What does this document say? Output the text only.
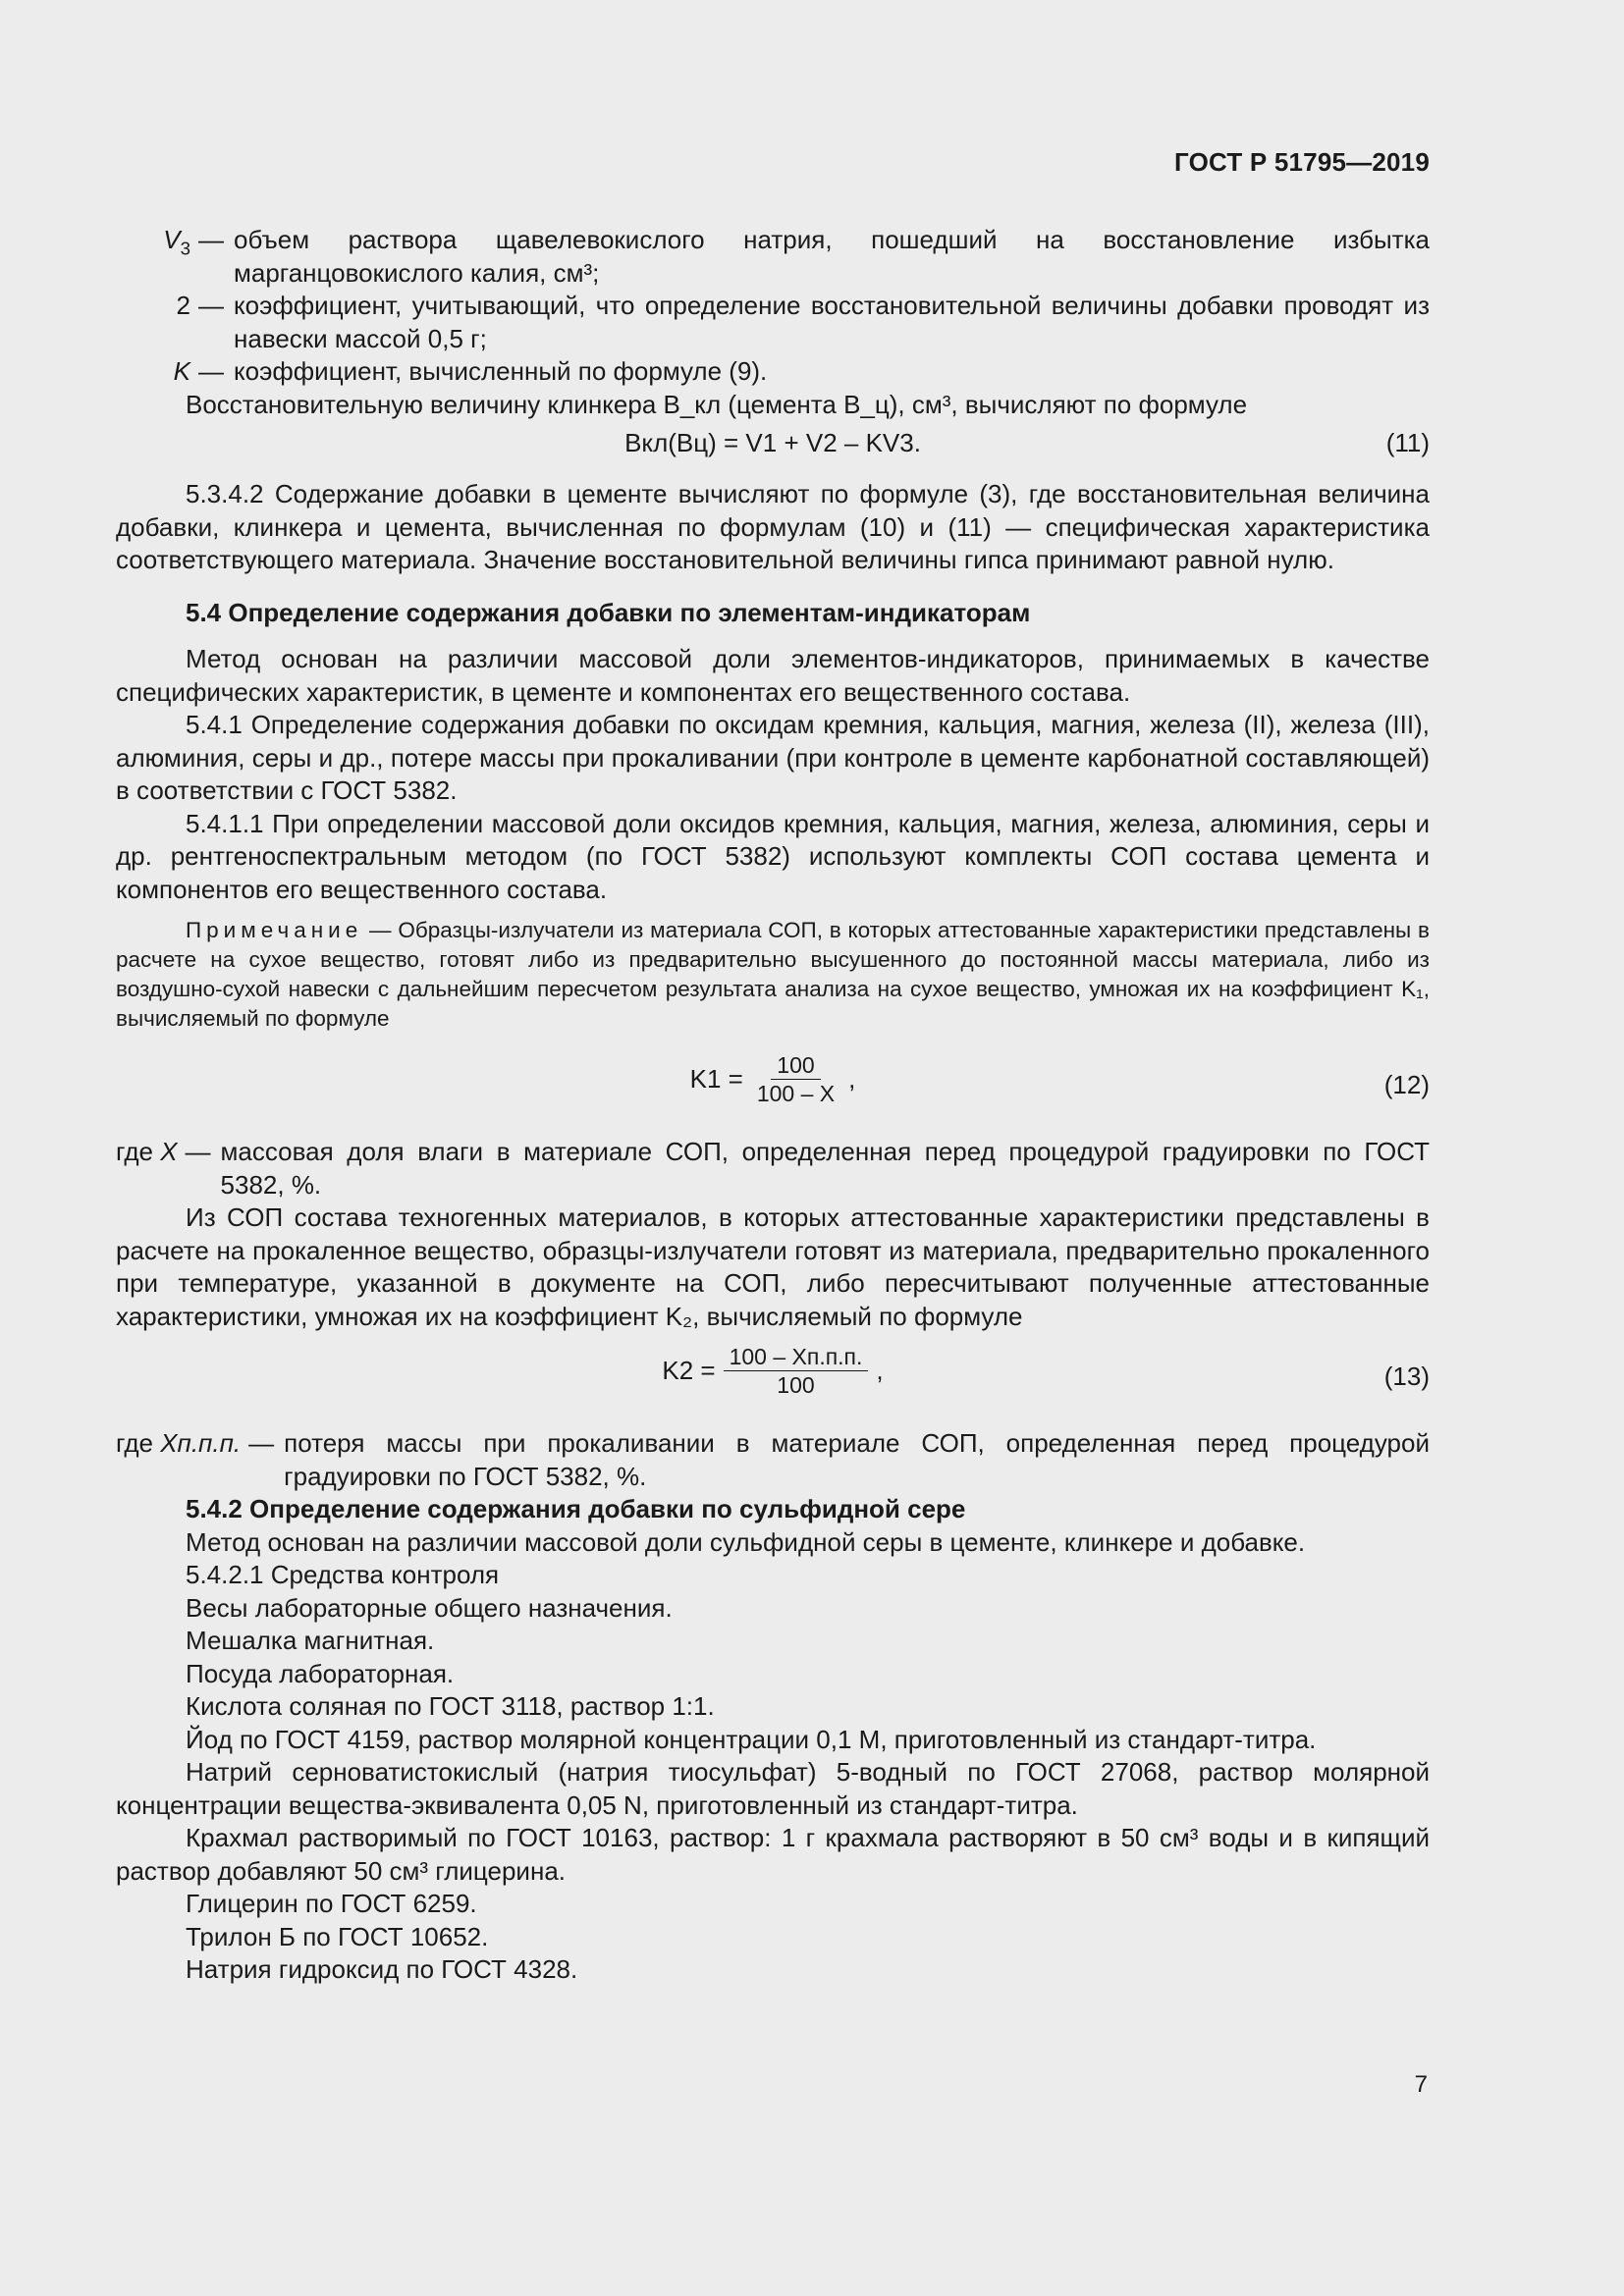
ГОСТ Р 51795—2019
$V_3$ — объем раствора щавелевокислого натрия, пошедший на восстановление избытка марганцовокислого калия, см³;
2 — коэффициент, учитывающий, что определение восстановительной величины добавки проводят из навески массой 0,5 г;
K — коэффициент, вычисленный по формуле (9).

Восстановительную величину клинкера В_кл (цемента В_ц), см³, вычисляют по формуле

Bкл(Bц) = V1 + V2 – KV3.	(11)

5.3.4.2 Содержание добавки в цементе вычисляют по формуле (3), где восстановительная величина добавки, клинкера и цемента, вычисленная по формулам (10) и (11) — специфическая характеристика соответствующего материала. Значение восстановительной величины гипса принимают равной нулю.

5.4 Определение содержания добавки по элементам-индикаторам

Метод основан на различии массовой доли элементов-индикаторов, принимаемых в качестве специфических характеристик, в цементе и компонентах его вещественного состава.

5.4.1 Определение содержания добавки по оксидам кремния, кальция, магния, железа (II), железа (III), алюминия, серы и др., потере массы при прокаливании (при контроле в цементе карбонатной составляющей) в соответствии с ГОСТ 5382.

5.4.1.1 При определении массовой доли оксидов кремния, кальция, магния, железа, алюминия, серы и др. рентгеноспектральным методом (по ГОСТ 5382) используют комплекты СОП состава цемента и компонентов его вещественного состава.

Примечание — Образцы-излучатели из материала СОП, в которых аттестованные характеристики представлены в расчете на сухое вещество, готовят либо из предварительно высушенного до постоянной массы материала, либо из воздушно-сухой навески с дальнейшим пересчетом результата анализа на сухое вещество, умножая их на коэффициент K₁, вычисляемый по формуле

$K1 = \frac{100}{100 - X}$ ,	(12)
где X — массовая доля влаги в материале СОП, определенная перед процедурой градуировки по ГОСТ 5382, %.

Из СОП состава техногенных материалов, в которых аттестованные характеристики представлены в расчете на прокаленное вещество, образцы-излучатели готовят из материала, предварительно прокаленного при температуре, указанной в документе на СОП, либо пересчитывают полученные аттестованные характеристики, умножая их на коэффициент K₂, вычисляемый по формуле

$K2 = \frac{100 - Xп.п.п.}{100}$ ,	(13)
где Xп.п.п. — потеря массы при прокаливании в материале СОП, определенная перед процедурой градуировки по ГОСТ 5382, %.

5.4.2 Определение содержания добавки по сульфидной сере

Метод основан на различии массовой доли сульфидной серы в цементе, клинкере и добавке.

5.4.2.1 Средства контроля

Весы лабораторные общего назначения.

Мешалка магнитная.

Посуда лабораторная.

Кислота соляная по ГОСТ 3118, раствор 1:1.

Йод по ГОСТ 4159, раствор молярной концентрации 0,1 М, приготовленный из стандарт-титра.

Натрий серноватистокислый (натрия тиосульфат) 5-водный по ГОСТ 27068, раствор молярной концентрации вещества-эквивалента 0,05 N, приготовленный из стандарт-титра.

Крахмал растворимый по ГОСТ 10163, раствор: 1 г крахмала растворяют в 50 см³ воды и в кипящий раствор добавляют 50 см³ глицерина.

Глицерин по ГОСТ 6259.

Трилон Б по ГОСТ 10652.

Натрия гидроксид по ГОСТ 4328.

7
